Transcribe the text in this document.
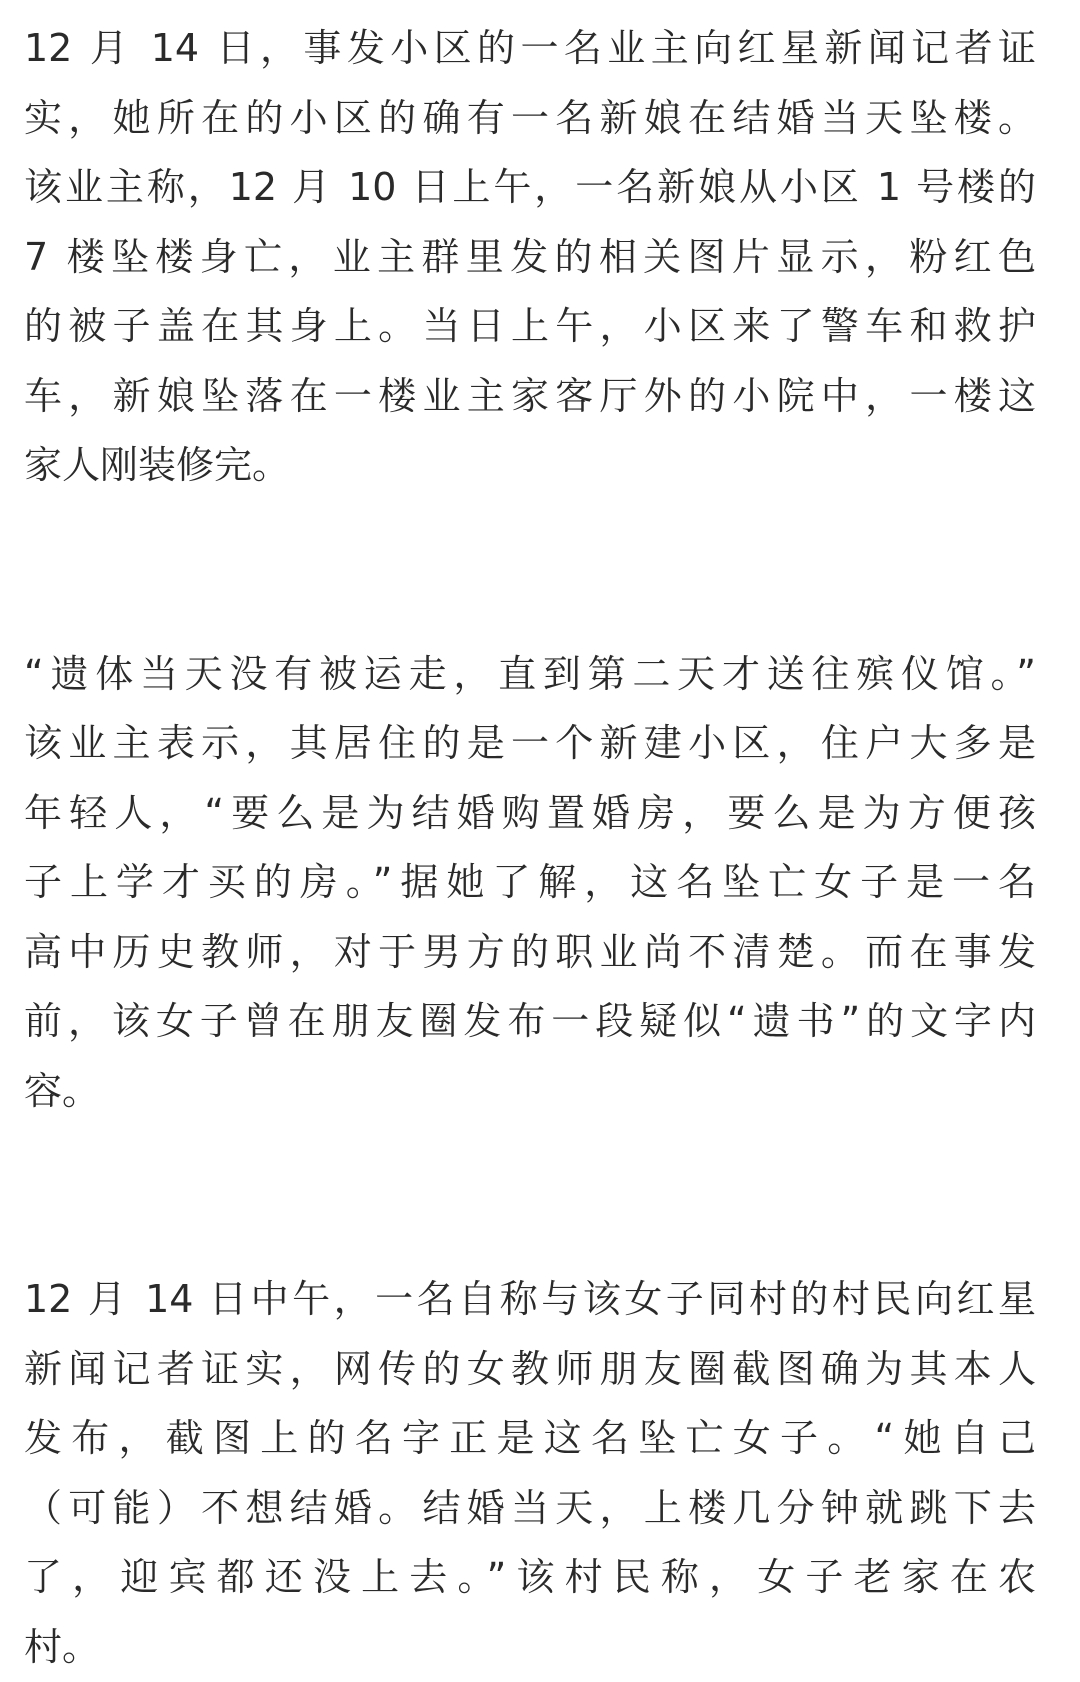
12 月 14 日，事发小区的一名业主向红星新闻记者证
实，她所在的小区的确有一名新娘在结婚当天坠楼。
该业主称，12 月 10 日上午，一名新娘从小区 1 号楼的
7 楼坠楼身亡，业主群里发的相关图片显示，粉红色
的被子盖在其身上。当日上午，小区来了警车和救护
车，新娘坠落在一楼业主家客厅外的小院中，一楼这
家人刚装修完。
“遗体当天没有被运走，直到第二天才送往殡仪馆。”
该业主表示，其居住的是一个新建小区，住户大多是
年轻人，“要么是为结婚购置婚房，要么是为方便孩
子上学才买的房。”据她了解，这名坠亡女子是一名
高中历史教师，对于男方的职业尚不清楚。而在事发
前，该女子曾在朋友圈发布一段疑似“遗书”的文字内
容。
12 月 14 日中午，一名自称与该女子同村的村民向红星
新闻记者证实，网传的女教师朋友圈截图确为其本人
发布，截图上的名字正是这名坠亡女子。“她自己
（可能）不想结婚。结婚当天，上楼几分钟就跳下去
了，迎宾都还没上去。”该村民称，女子老家在农
村。
